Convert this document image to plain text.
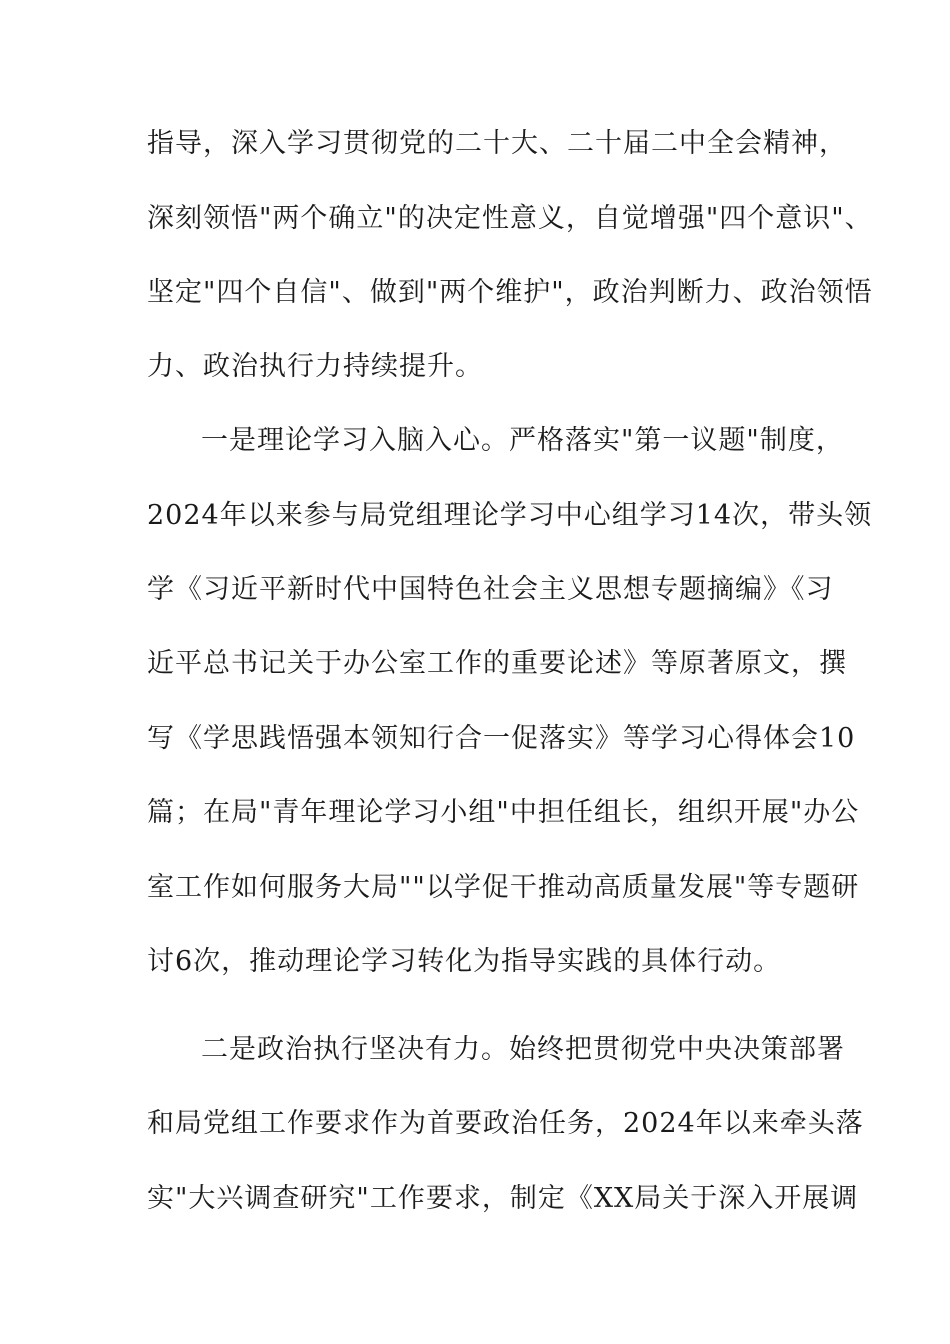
指导，深入学习贯彻党的二十大、二十届二中全会精神，
深刻领悟"两个确立"的决定性意义，自觉增强"四个意识"、
坚定"四个自信"、做到"两个维护"，政治判断力、政治领悟
力、政治执行力持续提升。
一是理论学习入脑入心。严格落实"第一议题"制度，
2024年以来参与局党组理论学习中心组学习14次，带头领
学《习近平新时代中国特色社会主义思想专题摘编》《习
近平总书记关于办公室工作的重要论述》等原著原文，撰
写《学思践悟强本领知行合一促落实》等学习心得体会10
篇；在局"青年理论学习小组"中担任组长，组织开展"办公
室工作如何服务大局""以学促干推动高质量发展"等专题研
讨6次，推动理论学习转化为指导实践的具体行动。
二是政治执行坚决有力。始终把贯彻党中央决策部署
和局党组工作要求作为首要政治任务，2024年以来牵头落
实"大兴调查研究"工作要求，制定《XX局关于深入开展调
